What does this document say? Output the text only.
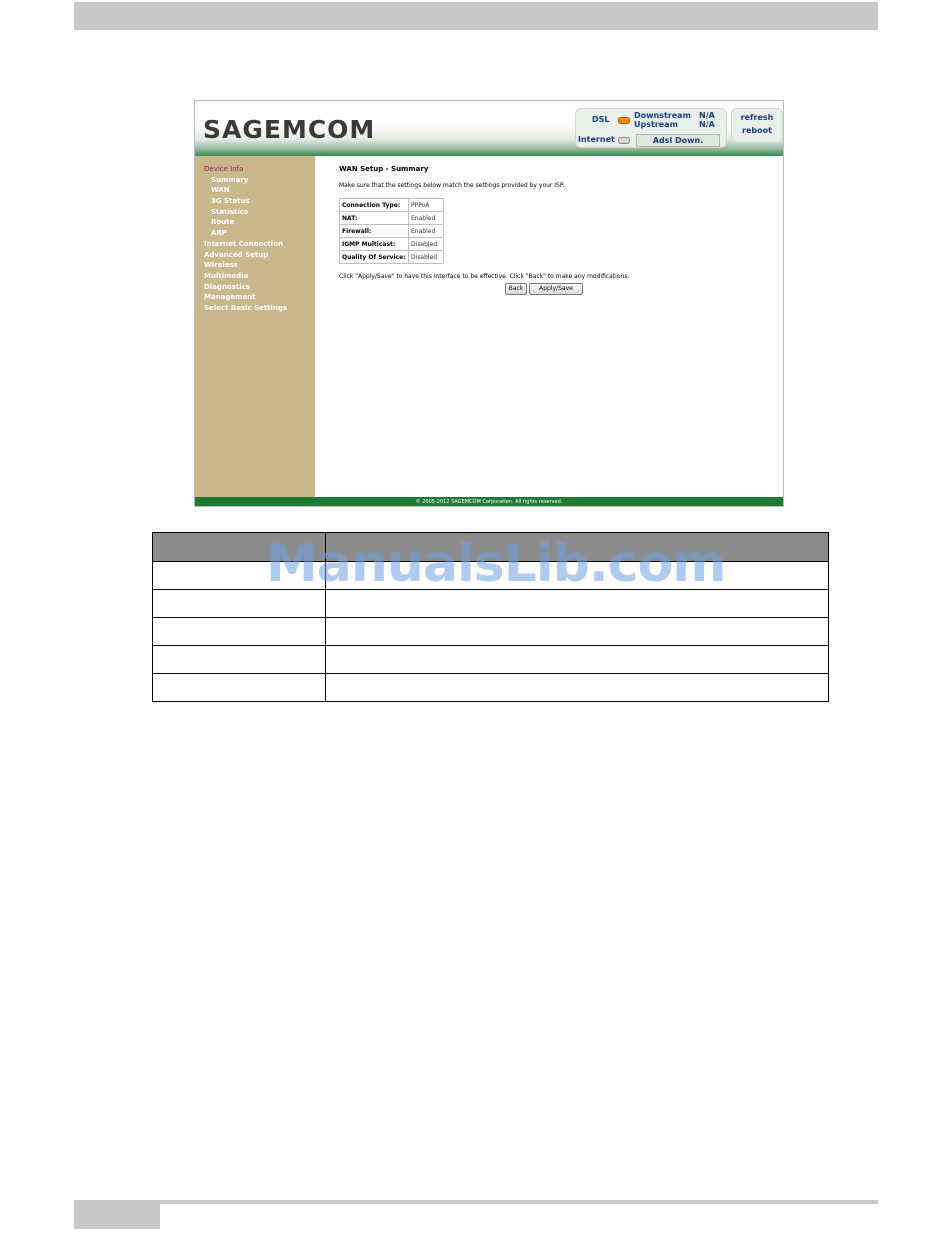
SAGEMCOM	DSL	Downstream
Upstream
N/A
N/A
Internet	Adsl Down.
refresh
reboot
Device Info
Summary
WAN
3G Status
Statistics
Route
ARP
Internet Connection
Advanced Setup
Wireless
Multimedia
Diagnostics
Management
Select Basic Settings
WAN Setup - Summary
Make sure that the settings below match the settings provided by your ISP.
Connection Type:	PPPoA
NAT:	Enabled
Firewall:	Enabled
IGMP Multicast:	Disabled
Quality Of Service:	Disabled
Click "Apply/Save" to have this interface to be effective. Click "Back" to make any modifications.
Back	Apply/Save
© 2005-2012 SAGEMCOM Corporation. All rights reserved.

ManualsLib.com
